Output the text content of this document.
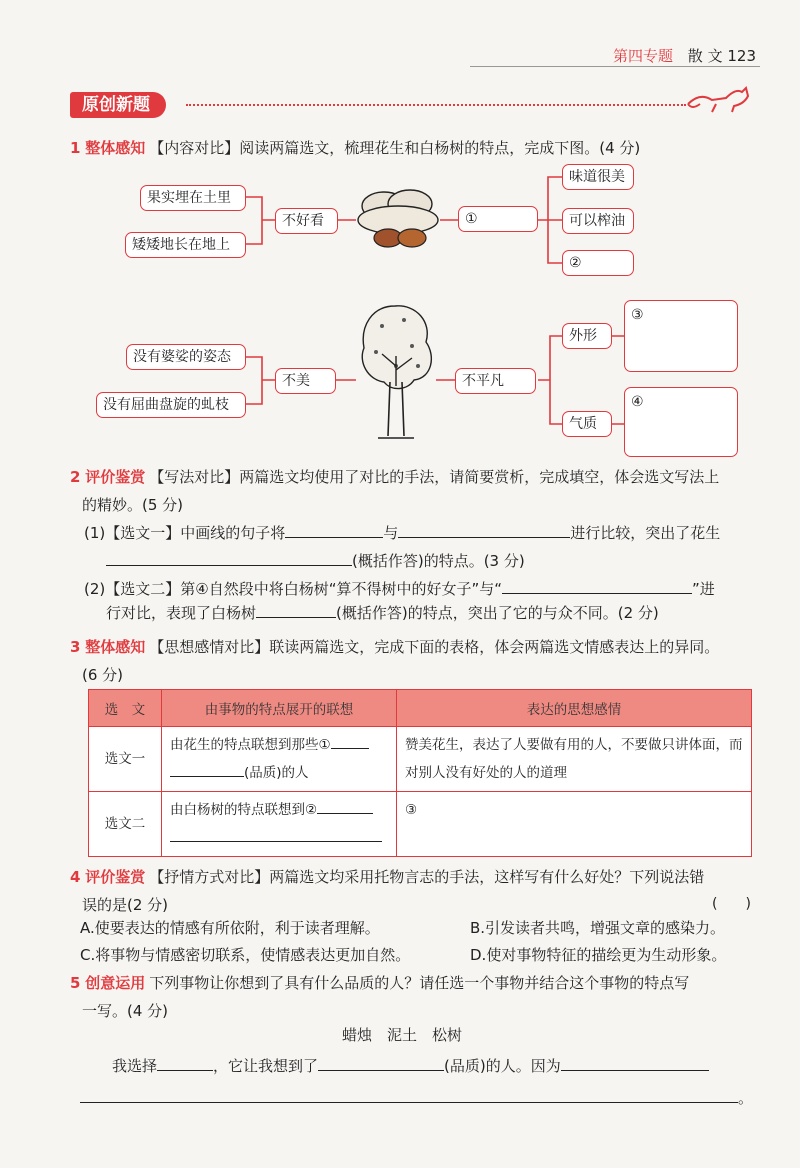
第四专题 散 文 123
原创新题
1 整体感知 【内容对比】阅读两篇选文，梳理花生和白杨树的特点，完成下图。(4 分)
果实埋在土里
矮矮地长在地上
不好看	①
味道很美
可以榨油
②
没有婆娑的姿态
没有屈曲盘旋的虬枝
不美	不平凡
外形
气质
③
④
2 评价鉴赏 【写法对比】两篇选文均使用了对比的手法，请简要赏析，完成填空，体会选文写法上
的精妙。(5 分)
(1)【选文一】中画线的句子将	与	进行比较，突出了花生
(概括作答)的特点。(3 分)
(2)【选文二】第④自然段中将白杨树“算不得树中的好女子”与“	”进
行对比，表现了白杨树	(概括作答)的特点，突出了它的与众不同。(2 分)
3 整体感知 【思想感情对比】联读两篇选文，完成下面的表格，体会两篇选文情感表达上的异同。
(6 分)
选　文	由事物的特点展开的联想	表达的思想感情
选文一	由花生的特点联想到那些①
(品质)的人	赞美花生，表达了人要做有用的人，不要做只讲体面，而对别人没有好处的人的道理
选文二	由白杨树的特点联想到②	③
4 评价鉴赏 【抒情方式对比】两篇选文均采用托物言志的手法，这样写有什么好处？下列说法错
误的是(2 分)	(　　)
A.使要表达的情感有所依附，利于读者理解。	B.引发读者共鸣，增强文章的感染力。
C.将事物与情感密切联系，使情感表达更加自然。	D.使对事物特征的描绘更为生动形象。
5 创意运用 下列事物让你想到了具有什么品质的人？请任选一个事物并结合这个事物的特点写
一写。(4 分)
蜡烛　泥土　松树
我选择	，它让我想到了	(品质)的人。因为
。
